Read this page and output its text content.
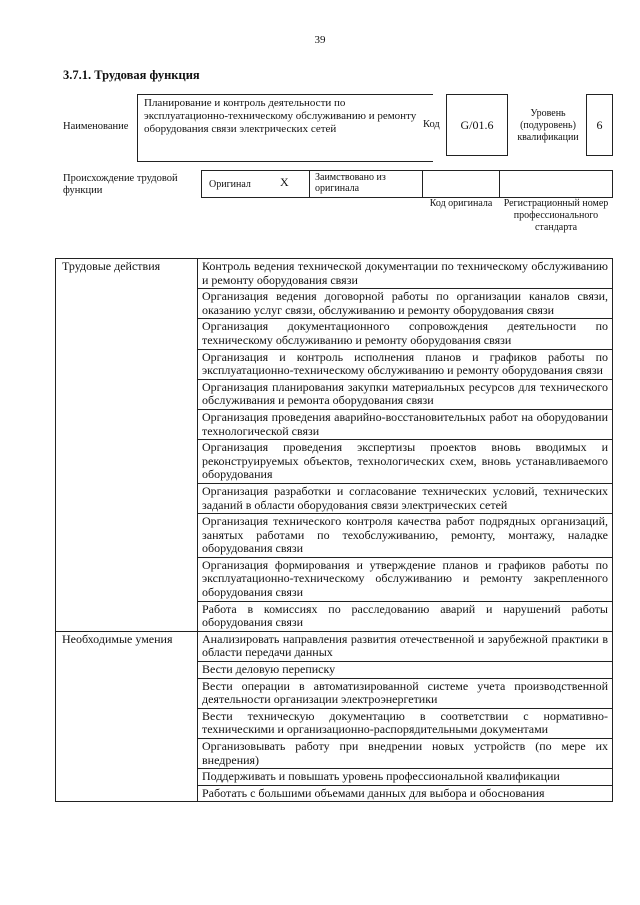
39
3.7.1. Трудовая функция
Наименование
Планирование и контроль деятельности по эксплуатационно-техническому обслуживанию и ремонту оборудования связи электрических сетей	Код	G/01.6
Уровень (подуровень) квалификации
6
Происхождение трудовой функции
Оригинал X	Заимствовано из оригинала
Код оригинала	Регистрационный номер профессионального стандарта
Трудовые действия	Контроль ведения технической документации по техническому обслуживанию и ремонту оборудования связи
	Организация ведения договорной работы по организации каналов связи, оказанию услуг связи, обслуживанию и ремонту оборудования связи
	Организация документационного сопровождения деятельности по техническому обслуживанию и ремонту оборудования связи
	Организация и контроль исполнения планов и графиков работы по эксплуатационно-техническому обслуживанию и ремонту оборудования связи
	Организация планирования закупки материальных ресурсов для технического обслуживания и ремонта оборудования связи
	Организация проведения аварийно-восстановительных работ на оборудовании технологической связи
	Организация проведения экспертизы проектов вновь вводимых и реконструируемых объектов, технологических схем, вновь устанавливаемого оборудования
	Организация разработки и согласование технических условий, технических заданий в области оборудования связи электрических сетей
	Организация технического контроля качества работ подрядных организаций, занятых работами по техобслуживанию, ремонту, монтажу, наладке оборудования связи
	Организация формирования и утверждение планов и графиков работы по эксплуатационно-техническому обслуживанию и ремонту закрепленного оборудования связи
	Работа в комиссиях по расследованию аварий и нарушений работы оборудования связи
Необходимые умения	Анализировать направления развития отечественной и зарубежной практики в области передачи данных
	Вести деловую переписку
	Вести операции в автоматизированной системе учета производственной деятельности организации электроэнергетики
	Вести техническую документацию в соответствии с нормативно-техническими и организационно-распорядительными документами
	Организовывать работу при внедрении новых устройств (по мере их внедрения)
	Поддерживать и повышать уровень профессиональной квалификации
	Работать с большими объемами данных для выбора и обоснования
